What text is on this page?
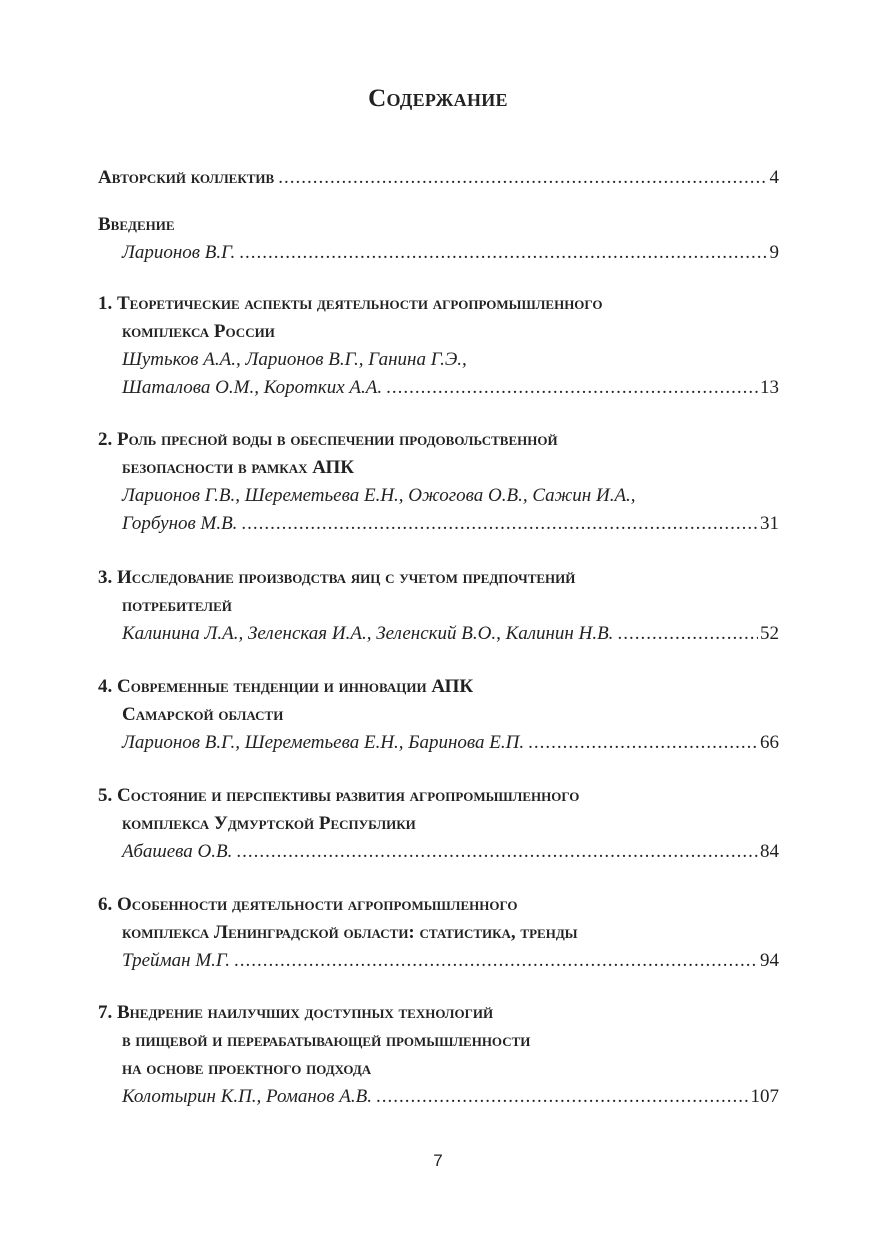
Содержание
Авторский коллектив .....	4
Введение
Ларионов В.Г. .....	9
1. Теоретические аспекты деятельности агропромышленного
комплекса России
Шутьков А.А., Ларионов В.Г., Ганина Г.Э.,
Шаталова О.М., Коротких А.А. .....	13
2. Роль пресной воды в обеспечении продовольственной
безопасности в рамках АПК
Ларионов Г.В., Шереметьева Е.Н., Ожогова О.В., Сажин И.А.,
Горбунов М.В. .....	31
3. Исследование производства яиц с учетом предпочтений
потребителей
Калинина Л.А., Зеленская И.А., Зеленский В.О., Калинин Н.В. .....	52
4. Современные тенденции и инновации АПК
Самарской области
Ларионов В.Г., Шереметьева Е.Н., Баринова Е.П. .....	66
5. Состояние и перспективы развития агропромышленного
комплекса Удмуртской Республики
Абашева О.В. .....	84
6. Особенности деятельности агропромышленного
комплекса Ленинградской области: статистика, тренды
Трейман М.Г. .....	94
7. Внедрение наилучших доступных технологий
в пищевой и перерабатывающей промышленности
на основе проектного подхода
Колотырин К.П., Романов А.В. .....	107
7
